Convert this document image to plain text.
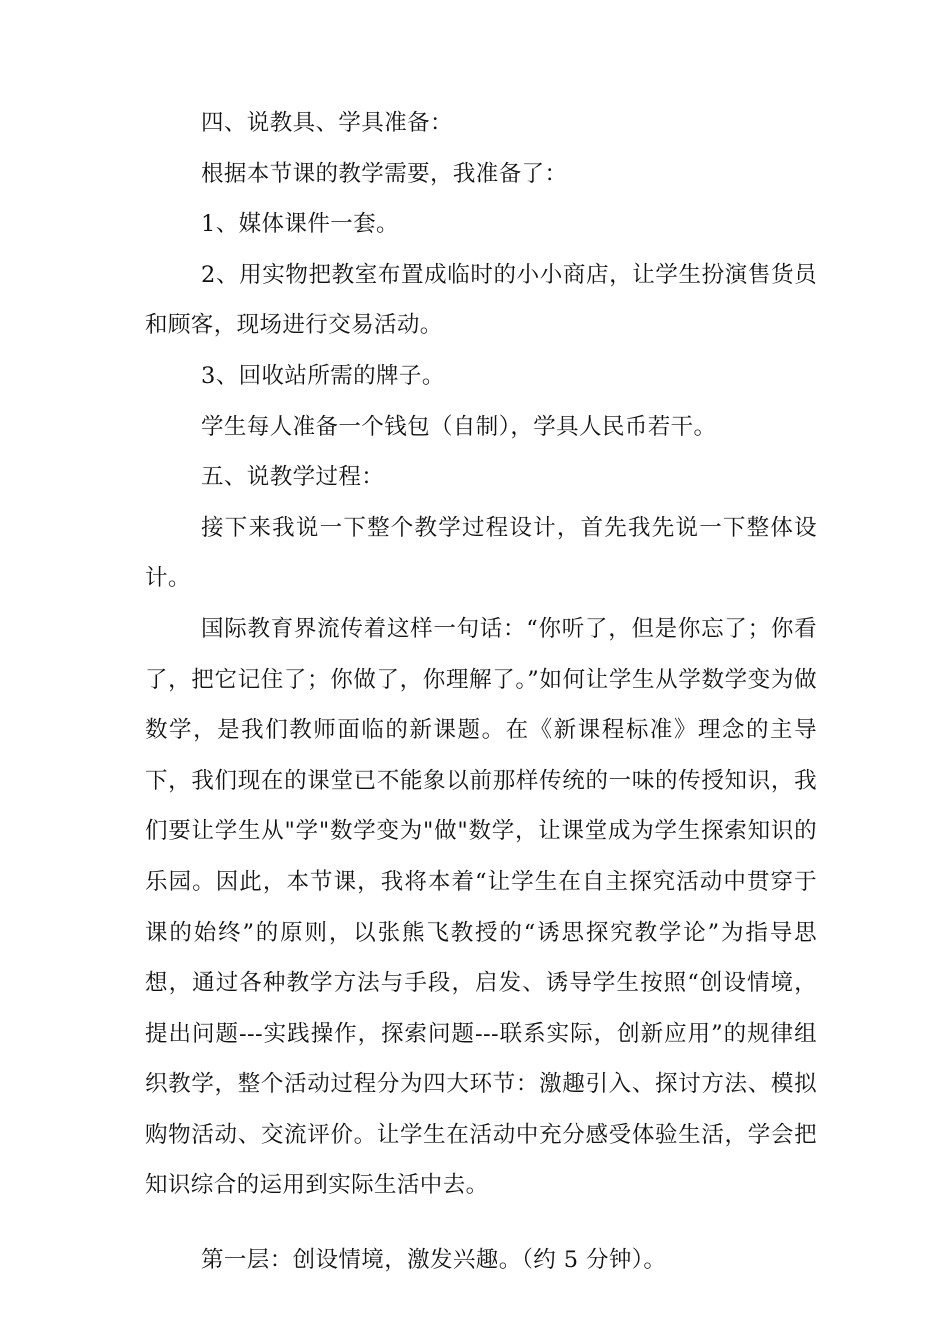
四、说教具、学具准备：

根据本节课的教学需要，我准备了：

1、媒体课件一套。

2、用实物把教室布置成临时的小小商店，让学生扮演售货员和顾客，现场进行交易活动。

3、回收站所需的牌子。

学生每人准备一个钱包（自制），学具人民币若干。

五、说教学过程：

接下来我说一下整个教学过程设计，首先我先说一下整体设计。

国际教育界流传着这样一句话：“你听了，但是你忘了；你看了，把它记住了；你做了，你理解了。”如何让学生从学数学变为做数学，是我们教师面临的新课题。在《新课程标准》理念的主导下，我们现在的课堂已不能象以前那样传统的一味的传授知识，我们要让学生从"学"数学变为"做"数学，让课堂成为学生探索知识的乐园。因此，本节课，我将本着“让学生在自主探究活动中贯穿于课的始终”的原则，以张熊飞教授的“诱思探究教学论”为指导思想，通过各种教学方法与手段，启发、诱导学生按照“创设情境，提出问题---实践操作，探索问题---联系实际，创新应用”的规律组织教学，整个活动过程分为四大环节：激趣引入、探讨方法、模拟购物活动、交流评价。让学生在活动中充分感受体验生活，学会把知识综合的运用到实际生活中去。

第一层：创设情境，激发兴趣。（约 5 分钟）。
